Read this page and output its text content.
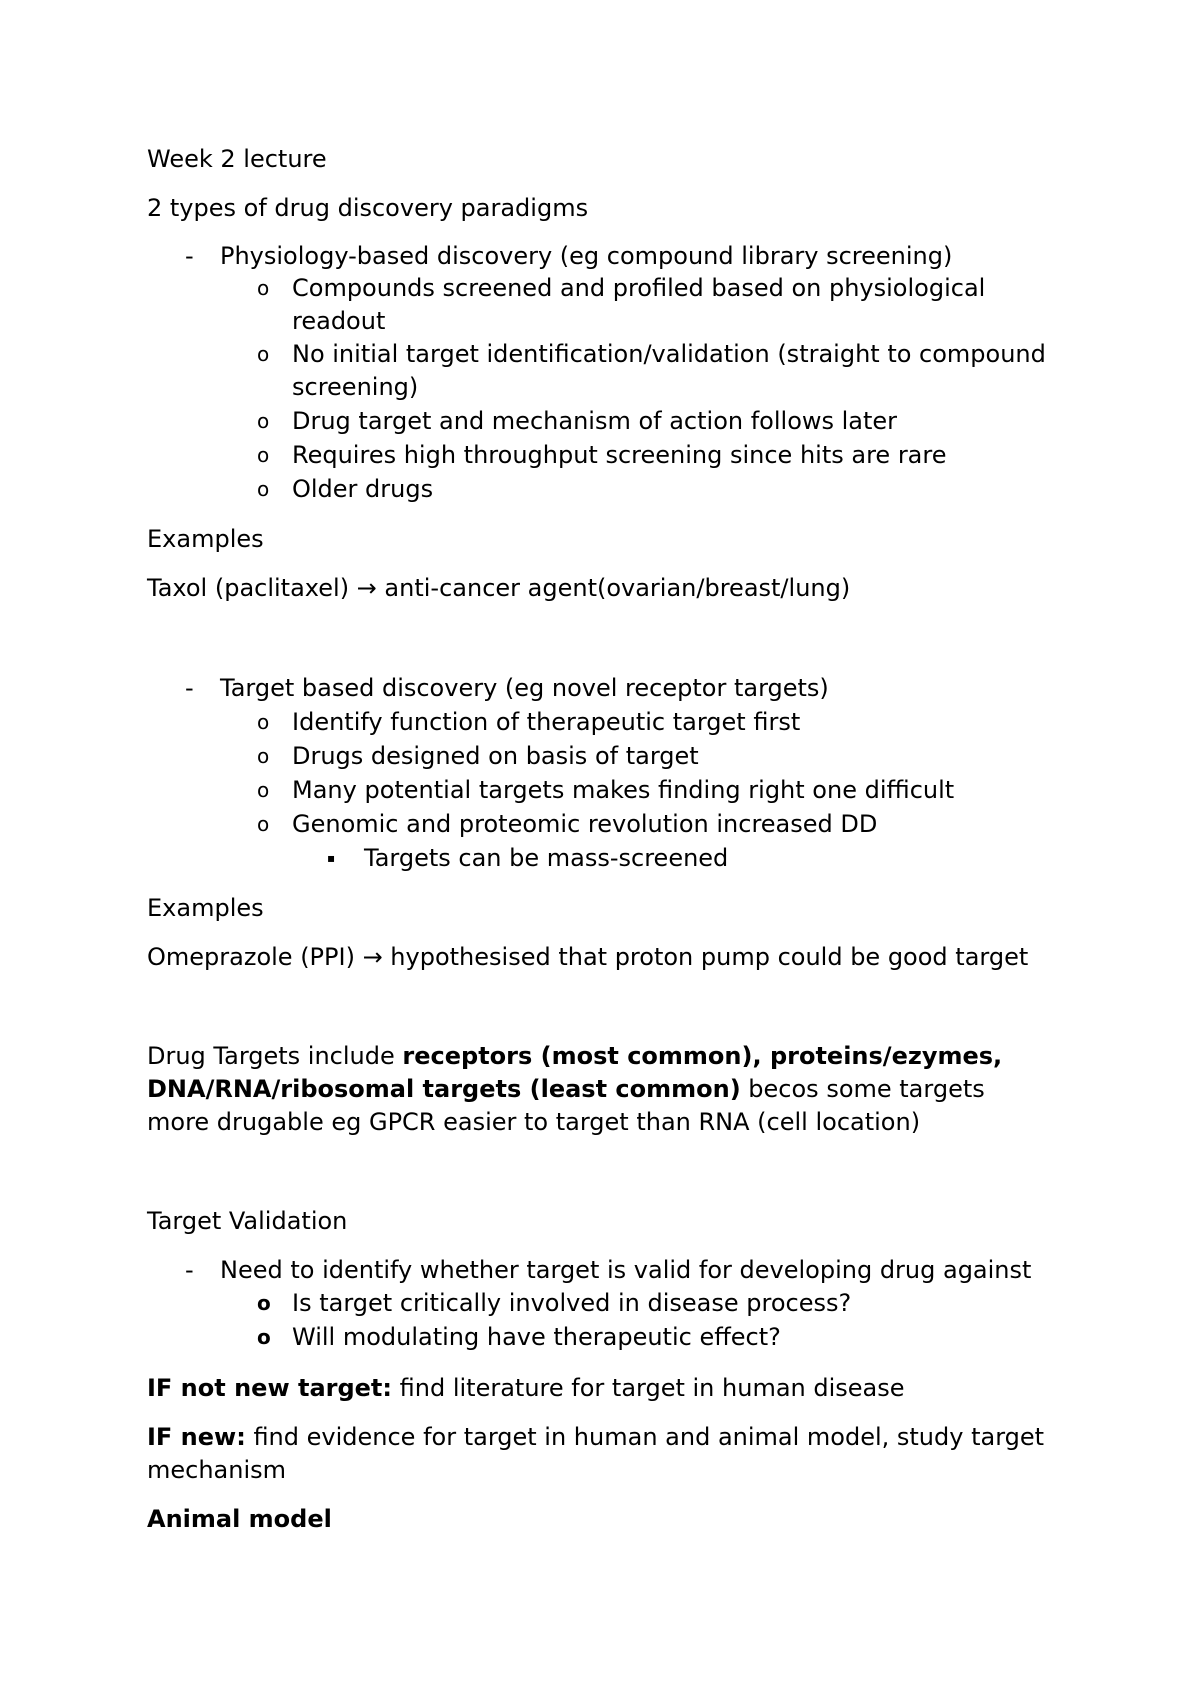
Week 2 lecture
2 types of drug discovery paradigms
- Physiology-based discovery (eg compound library screening)
o Compounds screened and profiled based on physiological
readout
o No initial target identification/validation (straight to compound
screening)
o Drug target and mechanism of action follows later
o Requires high throughput screening since hits are rare
o Older drugs
Examples
Taxol (paclitaxel) → anti-cancer agent(ovarian/breast/lung)
- Target based discovery (eg novel receptor targets)
o Identify function of therapeutic target first
o Drugs designed on basis of target
o Many potential targets makes finding right one difficult
o Genomic and proteomic revolution increased DD
▪ Targets can be mass-screened
Examples
Omeprazole (PPI) → hypothesised that proton pump could be good target
Drug Targets include receptors (most common), proteins/ezymes,
DNA/RNA/ribosomal targets (least common) becos some targets
more drugable eg GPCR easier to target than RNA (cell location)
Target Validation
- Need to identify whether target is valid for developing drug against
o Is target critically involved in disease process?
o Will modulating have therapeutic effect?
IF not new target: find literature for target in human disease
IF new: find evidence for target in human and animal model, study target
mechanism
Animal model
